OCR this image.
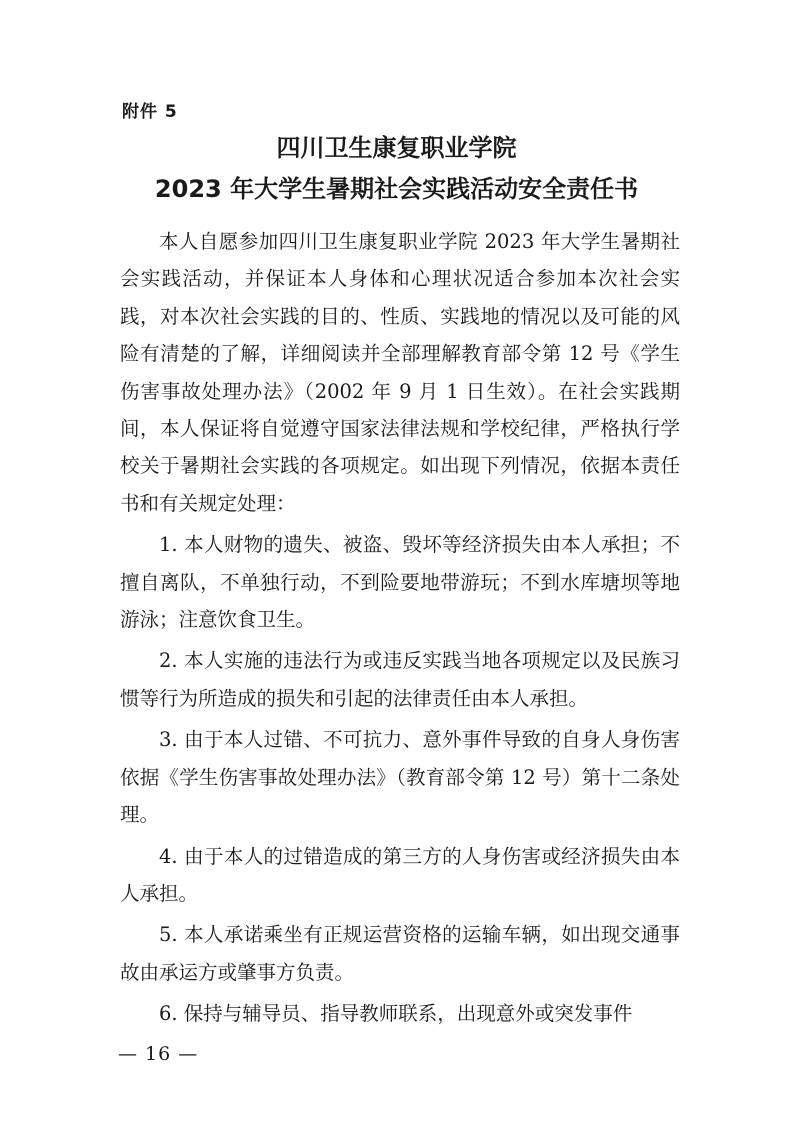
附件 5
四川卫生康复职业学院
2023 年大学生暑期社会实践活动安全责任书

本人自愿参加四川卫生康复职业学院 2023 年大学生暑期社会实践活动，并保证本人身体和心理状况适合参加本次社会实践，对本次社会实践的目的、性质、实践地的情况以及可能的风险有清楚的了解，详细阅读并全部理解教育部令第 12 号《学生伤害事故处理办法》（2002 年 9 月 1 日生效）。在社会实践期间，本人保证将自觉遵守国家法律法规和学校纪律，严格执行学校关于暑期社会实践的各项规定。如出现下列情况，依据本责任书和有关规定处理：

1. 本人财物的遗失、被盗、毁坏等经济损失由本人承担；不擅自离队，不单独行动，不到险要地带游玩；不到水库塘坝等地游泳；注意饮食卫生。

2. 本人实施的违法行为或违反实践当地各项规定以及民族习惯等行为所造成的损失和引起的法律责任由本人承担。

3. 由于本人过错、不可抗力、意外事件导致的自身人身伤害依据《学生伤害事故处理办法》（教育部令第 12 号）第十二条处理。

4. 由于本人的过错造成的第三方的人身伤害或经济损失由本人承担。

5. 本人承诺乘坐有正规运营资格的运输车辆，如出现交通事故由承运方或肇事方负责。

6. 保持与辅导员、指导教师联系，出现意外或突发事件

— 16 —
